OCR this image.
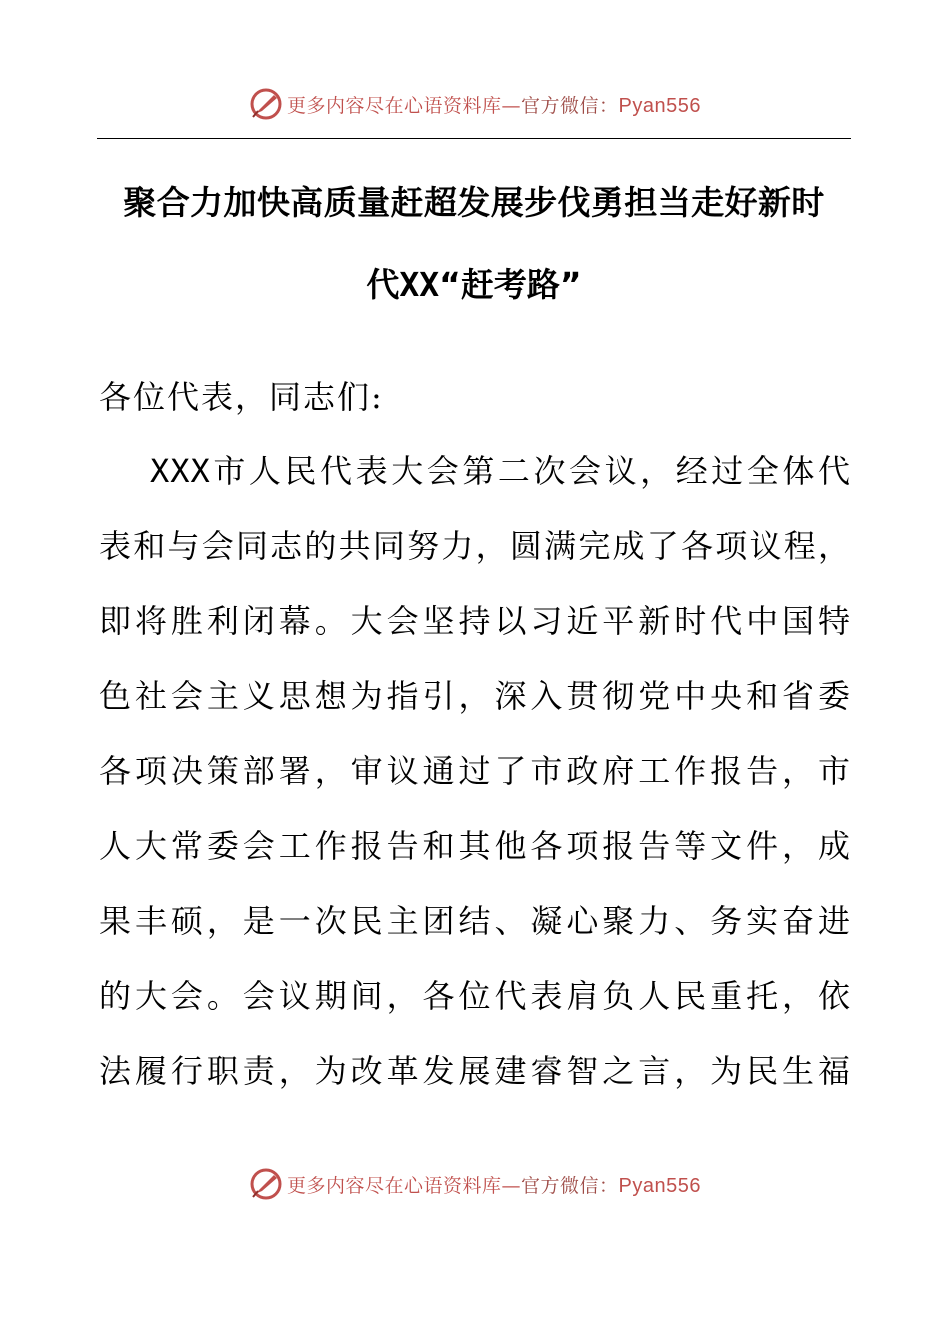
更多内容尽在心语资料库— 官方微信： Pyan556
聚合力加快高质量赶超发展步伐勇担当走好新时
代XX“赶考路”
各位代表，同志们:
XXX市人民代表大会第二次会议，经过全体代
表和与会同志的共同努力，圆满完成了各项议程，
即将胜利闭幕。大会坚持以习近平新时代中国特
色社会主义思想为指引，深入贯彻党中央和省委
各项决策部署，审议通过了市政府工作报告，市
人大常委会工作报告和其他各项报告等文件，成
果丰硕，是一次民主团结、凝心聚力、务实奋进
的大会。会议期间，各位代表肩负人民重托，依
法履行职责，为改革发展建睿智之言，为民生福
更多内容尽在心语资料库— 官方微信： Pyan556
